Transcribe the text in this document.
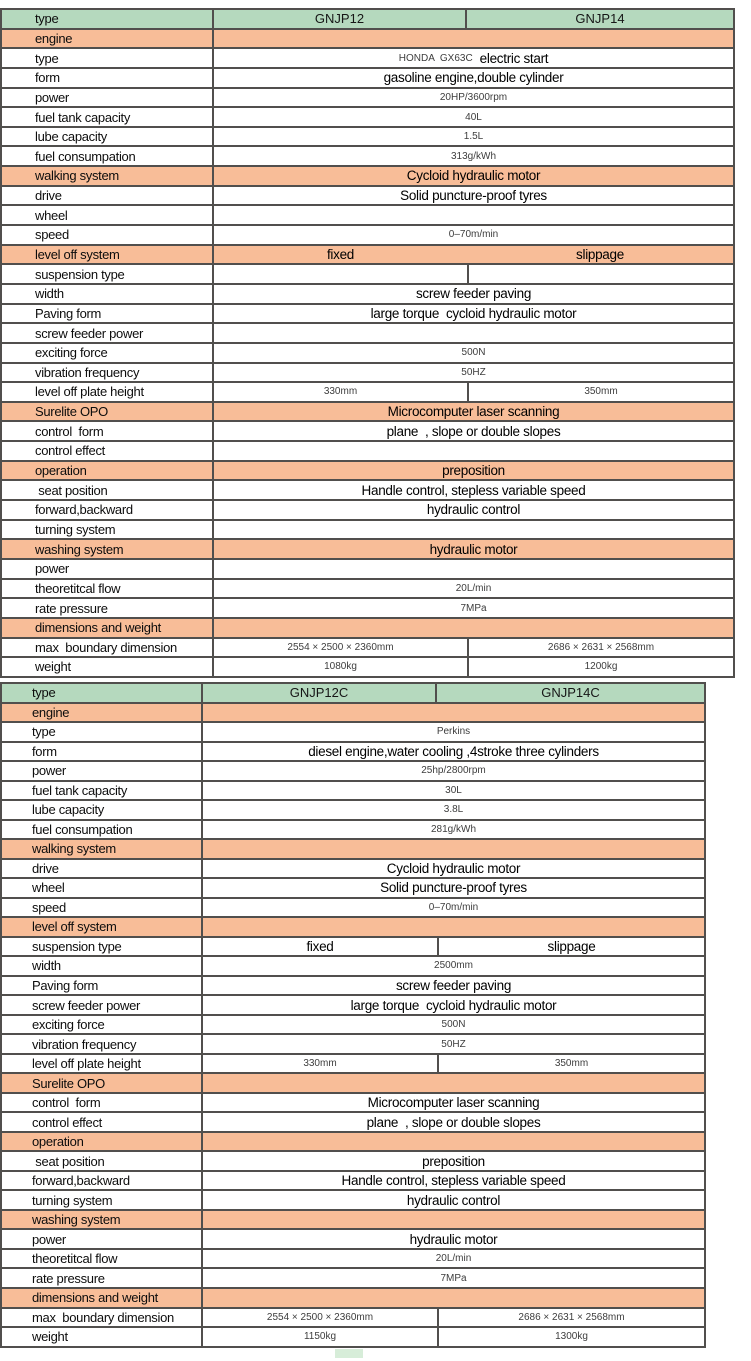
type	GNJP12	GNJP14
engine
type	HONDA  GX63C electric start
form	gasoline engine,double cylinder
power	20HP/3600rpm
fuel tank capacity	40L
lube capacity	1.5L
fuel consumpation	313g/kWh
walking system	Cycloid hydraulic motor
drive	Solid puncture-proof tyres
wheel
speed	0–70m/min
level off system	fixed	slippage
suspension type
width	screw feeder paving
Paving form	large torque  cycloid hydraulic motor
screw feeder power
exciting force	500N
vibration frequency	50HZ
level off plate height	330mm	350mm
Surelite OPO	Microcomputer laser scanning
control  form	plane  , slope or double slopes
control effect
operation	preposition
seat position	Handle control, stepless variable speed
forward,backward	hydraulic control
turning system
washing system	hydraulic motor
power
theoretitcal flow	20L/min
rate pressure	7MPa
dimensions and weight
max  boundary dimension	2554 × 2500 × 2360mm	2686 × 2631 × 2568mm
weight	1080kg	1200kg
type	GNJP12C	GNJP14C
engine
type	Perkins
form	diesel engine,water cooling ,4stroke three cylinders
power	25hp/2800rpm
fuel tank capacity	30L
lube capacity	3.8L
fuel consumpation	281g/kWh
walking system
drive	Cycloid hydraulic motor
wheel	Solid puncture-proof tyres
speed	0–70m/min
level off system
suspension type	fixed	slippage
width	2500mm
Paving form	screw feeder paving
screw feeder power	large torque  cycloid hydraulic motor
exciting force	500N
vibration frequency	50HZ
level off plate height	330mm	350mm
Surelite OPO
control  form	Microcomputer laser scanning
control effect	plane  , slope or double slopes
operation
seat position	preposition
forward,backward	Handle control, stepless variable speed
turning system	hydraulic control
washing system
power	hydraulic motor
theoretitcal flow	20L/min
rate pressure	7MPa
dimensions and weight
max  boundary dimension	2554 × 2500 × 2360mm	2686 × 2631 × 2568mm
weight	1150kg	1300kg
